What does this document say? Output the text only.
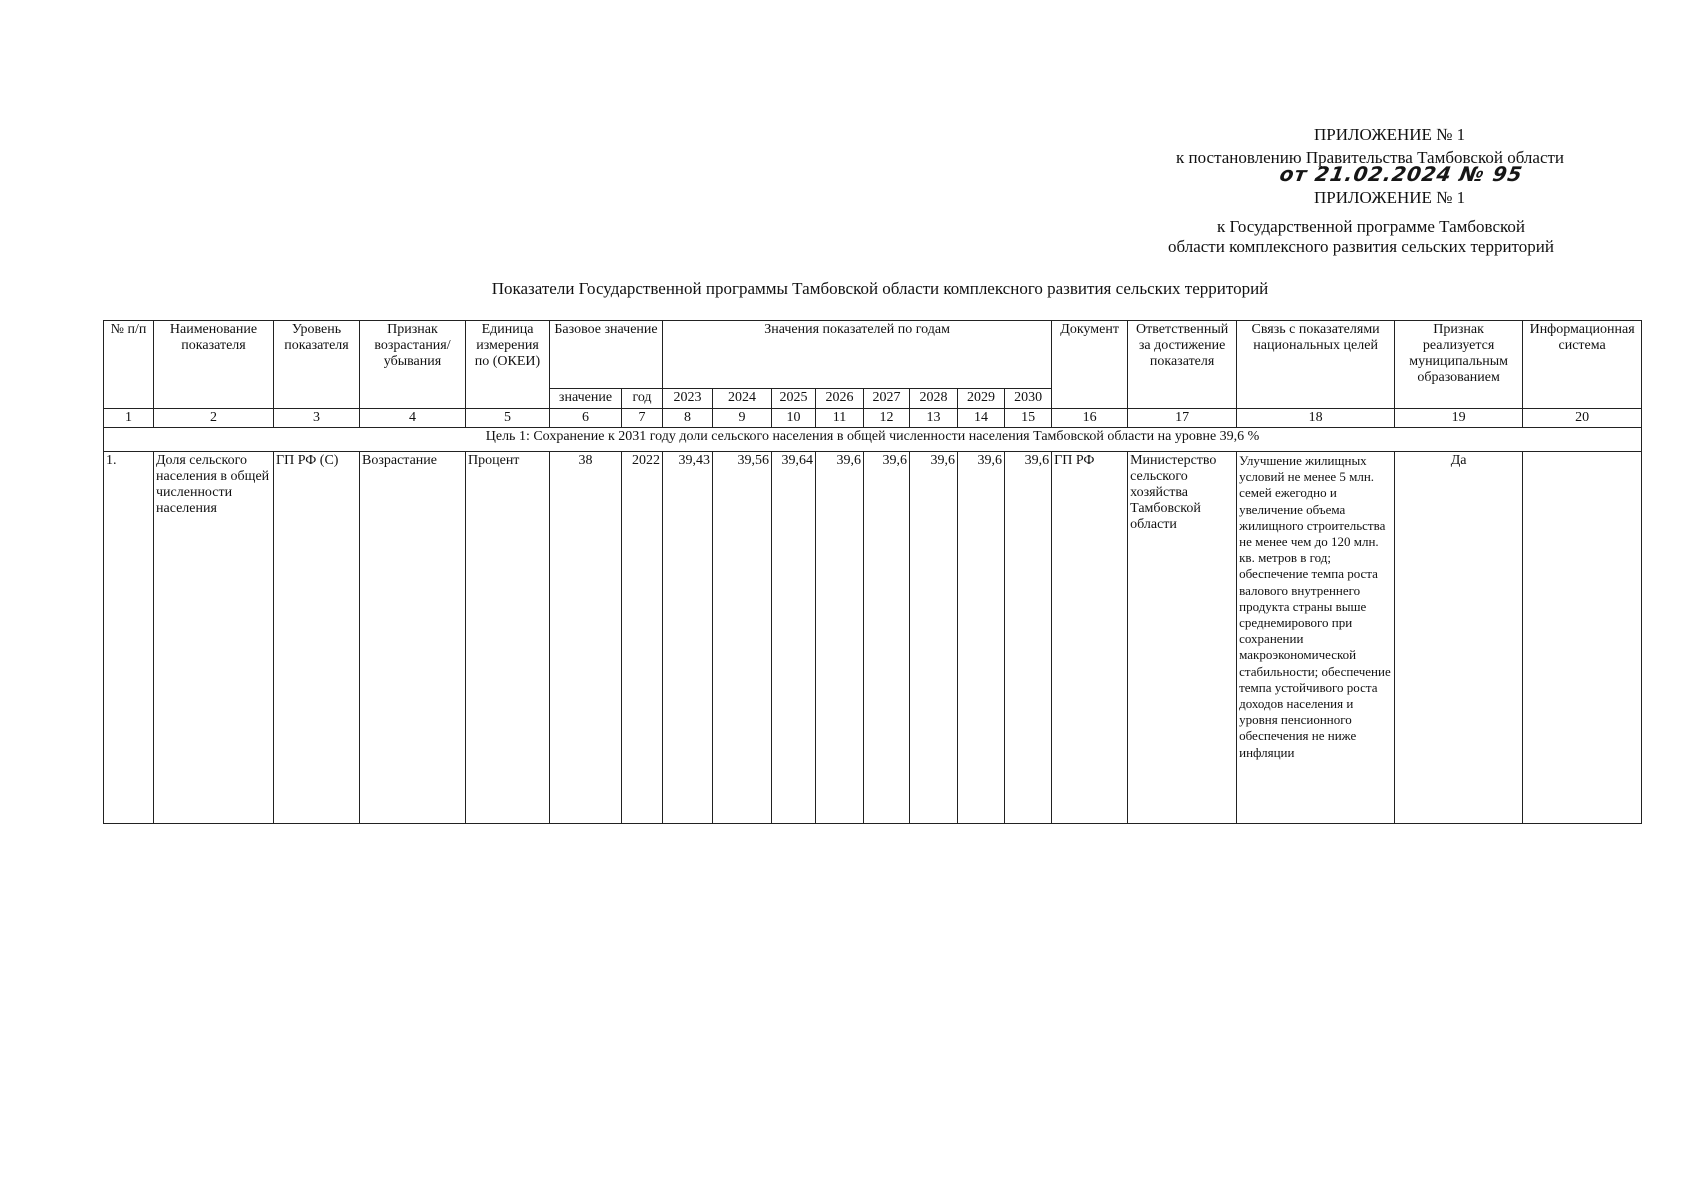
ПРИЛОЖЕНИЕ № 1
к постановлению Правительства Тамбовской области
от 21.02.2024 № 95
ПРИЛОЖЕНИЕ № 1
к Государственной программе Тамбовской
области комплексного развития сельских территорий
Показатели Государственной программы Тамбовской области комплексного развития сельских территорий
№ п/п	Наименование показателя	Уровень показателя	Признак возрастания/ убывания	Единица измерения по (ОКЕИ)	Базовое значение		Значения показателей по годам								Документ	Ответственный за достижение показателя	Связь с показателями национальных целей	Признак реализуется муниципальным образованием	Информационная система
					значение	год	2023	2024	2025	2026	2027	2028	2029	2030					
1	2	3	4	5	6	7	8	9	10	11	12	13	14	15	16	17	18	19	20
Цель 1: Сохранение к 2031 году доли сельского населения в общей численности населения Тамбовской области на уровне 39,6 %																			
1.	Доля сельского населения в общей численности населения	ГП РФ (С)	Возрастание	Процент	38	2022	39,43	39,56	39,64	39,6	39,6	39,6	39,6	39,6	ГП РФ	Министерство сельского хозяйства Тамбовской области	Улучшение жилищных условий не менее 5 млн. семей ежегодно и увеличение объема жилищного строительства не менее чем до 120 млн. кв. метров в год; обеспечение темпа роста валового внутреннего продукта страны выше среднемирового при сохранении макроэкономической стабильности; обеспечение темпа устойчивого роста доходов населения и уровня пенсионного обеспечения не ниже инфляции	Да	
